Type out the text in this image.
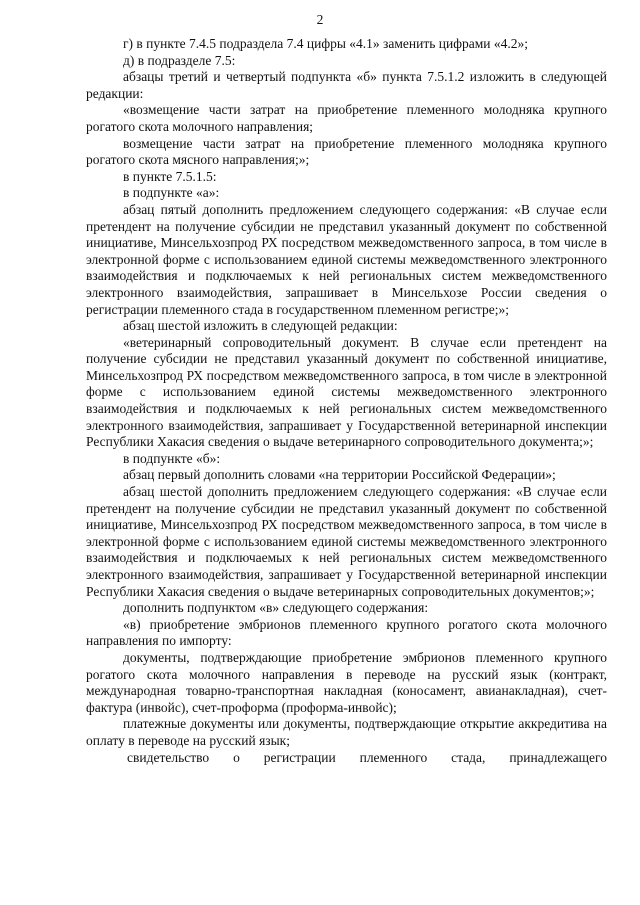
2

г) в пункте 7.4.5 подраздела 7.4 цифры «4.1» заменить цифрами «4.2»;

д) в подразделе 7.5:

абзацы третий и четвертый подпункта «б» пункта 7.5.1.2 изложить в следующей редакции:

«возмещение части затрат на приобретение племенного молодняка крупного рогатого скота молочного направления;

возмещение части затрат на приобретение племенного молодняка крупного рогатого скота мясного направления;»;

в пункте 7.5.1.5:

в подпункте «а»:

абзац пятый дополнить предложением следующего содержания: «В случае если претендент на получение субсидии не представил указанный документ по собственной инициативе, Минсельхозпрод РХ посредством межведомственного запроса, в том числе в электронной форме с использованием единой системы межведомственного электронного взаимодействия и подключаемых к ней региональных систем межведомственного электронного взаимодействия, запрашивает в Минсельхозе России сведения о регистрации племенного стада в государственном племенном регистре;»;

абзац шестой изложить в следующей редакции:

«ветеринарный сопроводительный документ. В случае если претендент на получение субсидии не представил указанный документ по собственной инициативе, Минсельхозпрод РХ посредством межведомственного запроса, в том числе в электронной форме с использованием единой системы межведомственного электронного взаимодействия и подключаемых к ней региональных систем межведомственного электронного взаимодействия, запрашивает у Государственной ветеринарной инспекции Республики Хакасия сведения о выдаче ветеринарного сопроводительного документа;»;

в подпункте «б»:

абзац первый дополнить словами «на территории Российской Федерации»;

абзац шестой дополнить предложением следующего содержания: «В случае если претендент на получение субсидии не представил указанный документ по собственной инициативе, Минсельхозпрод РХ посредством межведомственного запроса, в том числе в электронной форме с использованием единой системы межведомственного электронного взаимодействия и подключаемых к ней региональных систем межведомственного электронного взаимодействия, запрашивает у Государственной ветеринарной инспекции Республики Хакасия сведения о выдаче ветеринарных сопроводительных документов;»;

дополнить подпунктом «в» следующего содержания:

«в) приобретение эмбрионов племенного крупного рогатого скота молочного направления по импорту:

документы, подтверждающие приобретение эмбрионов племенного крупного рогатого скота молочного направления в переводе на русский язык (контракт, международная товарно-транспортная накладная (коносамент, авианакладная), счет-фактура (инвойс), счет-проформа (проформа-инвойс);

платежные документы или документы, подтверждающие открытие аккредитива на оплату в переводе на русский язык;

свидетельство о регистрации племенного стада, принадлежащего
